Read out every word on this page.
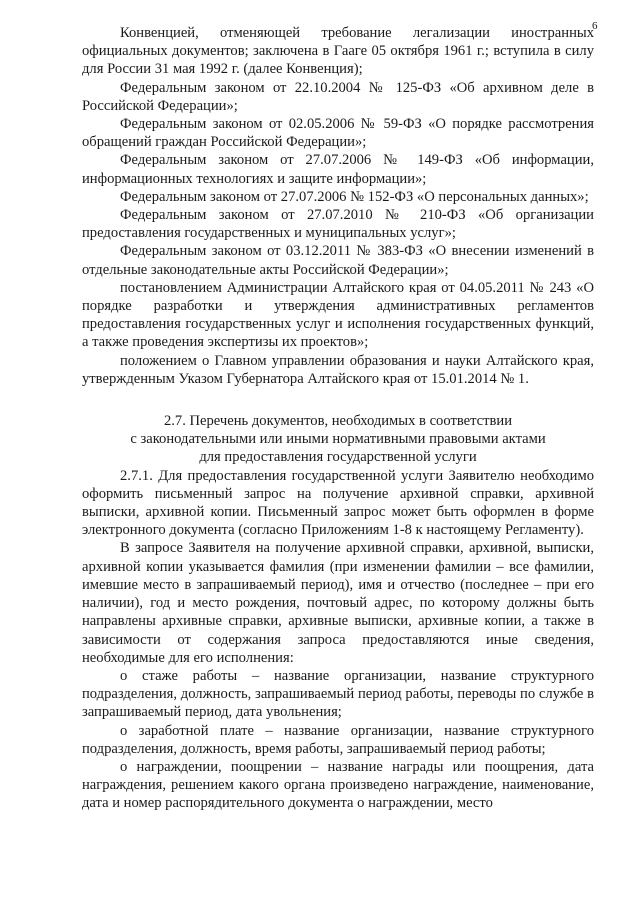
6

Конвенцией, отменяющей требование легализации иностранных официальных документов; заключена в Гааге 05 октября 1961 г.; вступила в силу для России 31 мая 1992 г. (далее Конвенция);

Федеральным законом от 22.10.2004 № 125-ФЗ «Об архивном деле в Российской Федерации»;

Федеральным законом от 02.05.2006 № 59-ФЗ «О порядке рассмотрения обращений граждан Российской Федерации»;

Федеральным законом от 27.07.2006 № 149-ФЗ «Об информации, информационных технологиях и защите информации»;

Федеральным законом от 27.07.2006 № 152-ФЗ «О персональных данных»;

Федеральным законом от 27.07.2010 № 210-ФЗ «Об организации предоставления государственных и муниципальных услуг»;

Федеральным законом от 03.12.2011 № 383-ФЗ «О внесении изменений в отдельные законодательные акты Российской Федерации»;

постановлением Администрации Алтайского края от 04.05.2011 № 243 «О порядке разработки и утверждения административных регламентов предоставления государственных услуг и исполнения государственных функций, а также проведения экспертизы их проектов»;

положением о Главном управлении образования и науки Алтайского края, утвержденным Указом Губернатора Алтайского края от 15.01.2014 № 1.

2.7. Перечень документов, необходимых в соответствии

с законодательными или иными нормативными правовыми актами

для предоставления государственной услуги

2.7.1. Для предоставления государственной услуги Заявителю необходимо оформить письменный запрос на получение архивной справки, архивной выписки, архивной копии. Письменный запрос может быть оформлен в форме электронного документа (согласно Приложениям 1-8 к настоящему Регламенту).

В запросе Заявителя на получение архивной справки, архивной, выписки, архивной копии указывается фамилия (при изменении фамилии – все фамилии, имевшие место в запрашиваемый период), имя и отчество (последнее – при его наличии), год и место рождения, почтовый адрес, по которому должны быть направлены архивные справки, архивные выписки, архивные копии, а также в зависимости от содержания запроса предоставляются иные сведения, необходимые для его исполнения:

о стаже работы – название организации, название структурного подразделения, должность, запрашиваемый период работы, переводы по службе в запрашиваемый период, дата увольнения;

о заработной плате – название организации, название структурного подразделения, должность, время работы, запрашиваемый период работы;

о награждении, поощрении – название награды или поощрения, дата награждения, решением какого органа произведено награждение, наименование, дата и номер распорядительного документа о награждении, место
